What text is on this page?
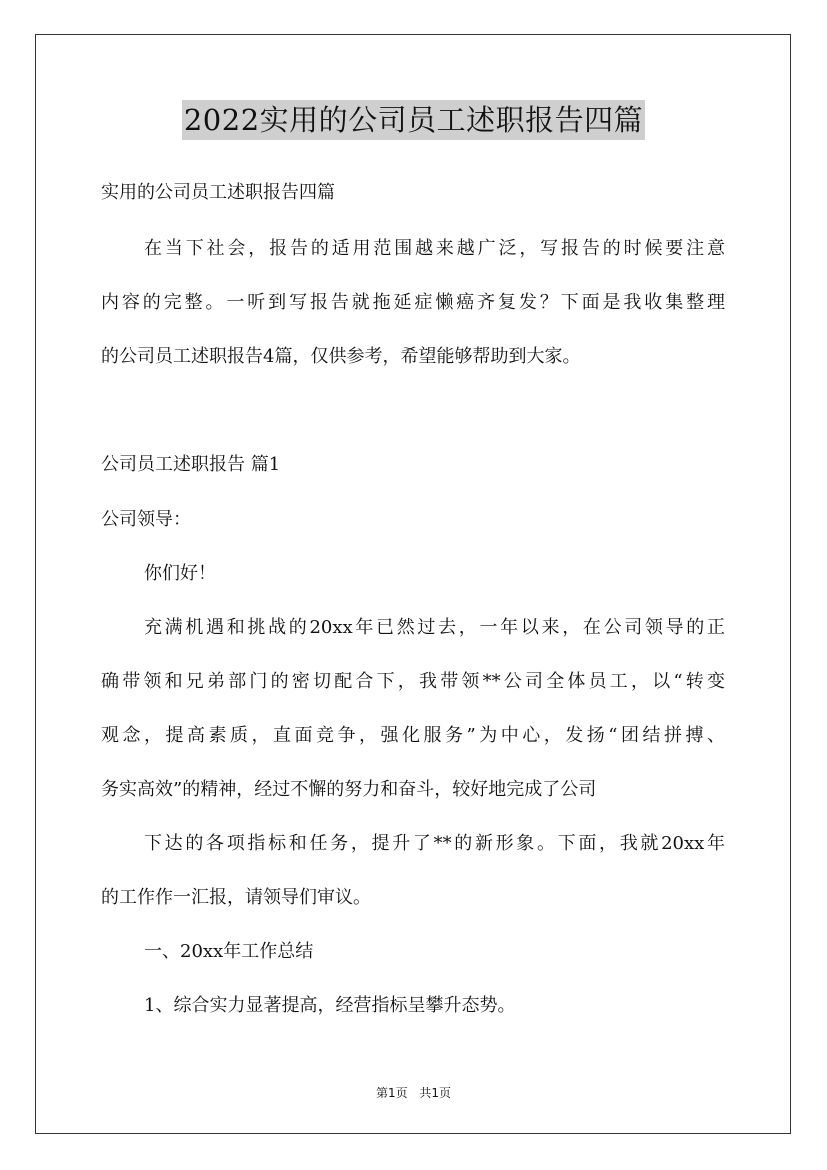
2022实用的公司员工述职报告四篇
实用的公司员工述职报告四篇
在当下社会，报告的适用范围越来越广泛，写报告的时候要注意
内容的完整。一听到写报告就拖延症懒癌齐复发？下面是我收集整理
的公司员工述职报告4篇，仅供参考，希望能够帮助到大家。
公司员工述职报告 篇1
公司领导：
你们好！
充满机遇和挑战的20xx年已然过去，一年以来，在公司领导的正
确带领和兄弟部门的密切配合下，我带领**公司全体员工，以“转变
观念，提高素质，直面竞争，强化服务”为中心，发扬“团结拼搏、
务实高效”的精神，经过不懈的努力和奋斗，较好地完成了公司
下达的各项指标和任务，提升了**的新形象。下面，我就20xx年
的工作作一汇报，请领导们审议。
一、20xx年工作总结
1、综合实力显著提高，经营指标呈攀升态势。
第1页 共1页
